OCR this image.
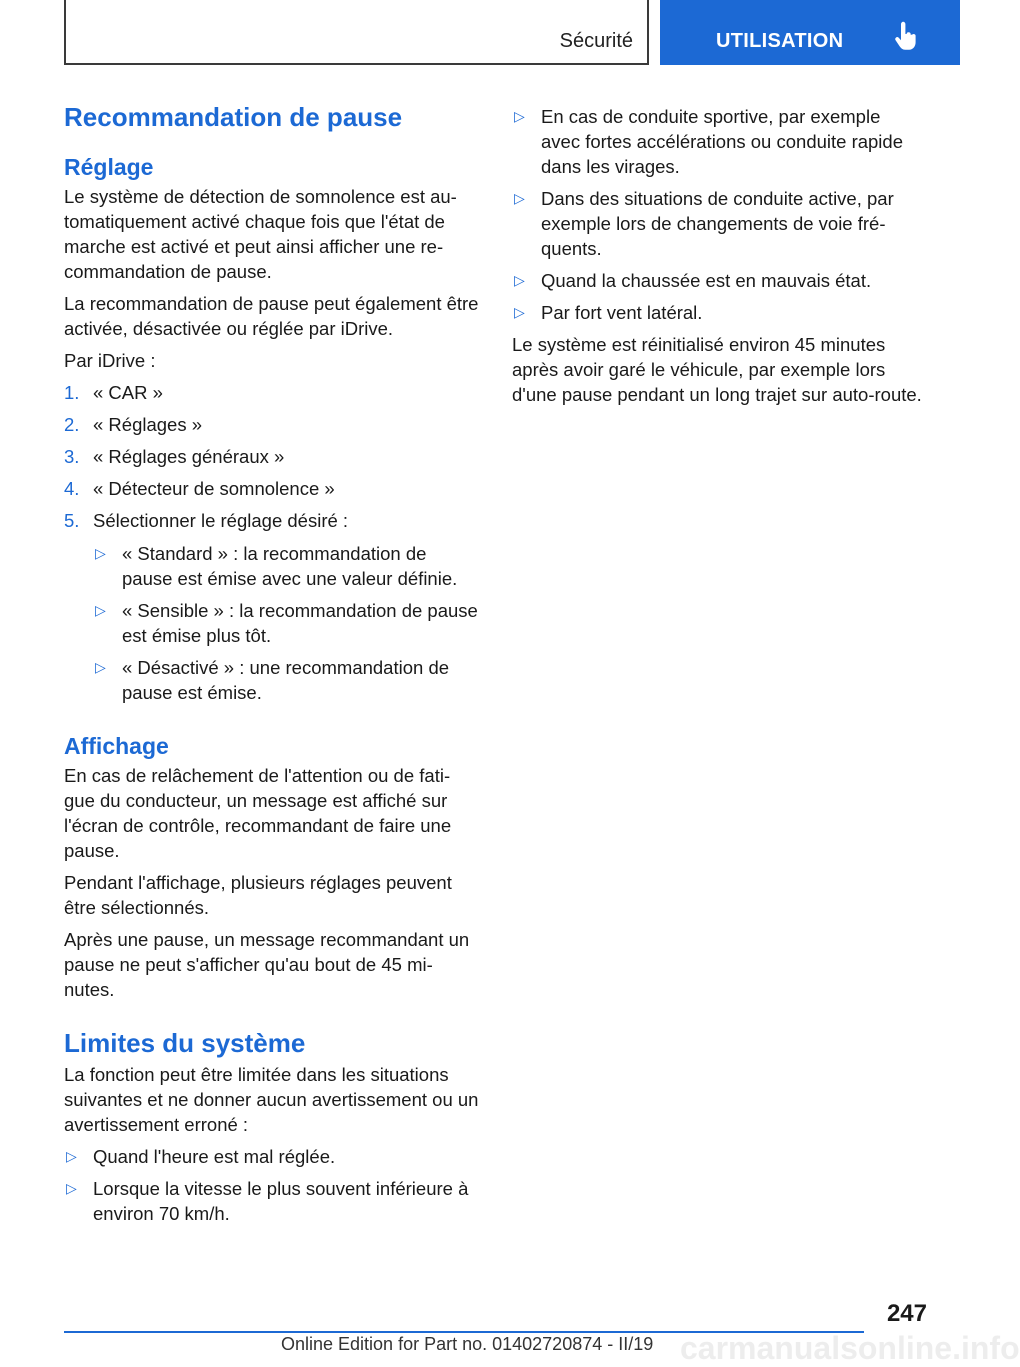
Sécurité	UTILISATION
Recommandation de pause
Réglage

Le système de détection de somnolence est au-tomatiquement activé chaque fois que l'état de marche est activé et peut ainsi afficher une re-commandation de pause.

La recommandation de pause peut également être activée, désactivée ou réglée par iDrive.

Par iDrive :

1. « CAR »
2. « Réglages »
3. « Réglages généraux »
4. « Détecteur de somnolence »
5. Sélectionner le réglage désiré :
▷ « Standard » : la recommandation de pause est émise avec une valeur définie.
▷ « Sensible » : la recommandation de pause est émise plus tôt.
▷ « Désactivé » : une recommandation de pause est émise.
Affichage

En cas de relâchement de l'attention ou de fati-gue du conducteur, un message est affiché sur l'écran de contrôle, recommandant de faire une pause.

Pendant l'affichage, plusieurs réglages peuvent être sélectionnés.

Après une pause, un message recommandant un pause ne peut s'afficher qu'au bout de 45 mi-nutes.

Limites du système

La fonction peut être limitée dans les situations suivantes et ne donner aucun avertissement ou un avertissement erroné :

▷ Quand l'heure est mal réglée.
▷ Lorsque la vitesse le plus souvent inférieure à environ 70 km/h.
▷ En cas de conduite sportive, par exemple avec fortes accélérations ou conduite rapide dans les virages.
▷ Dans des situations de conduite active, par exemple lors de changements de voie fré-quents.
▷ Quand la chaussée est en mauvais état.
▷ Par fort vent latéral.

Le système est réinitialisé environ 45 minutes après avoir garé le véhicule, par exemple lors d'une pause pendant un long trajet sur auto-route.

247
Online Edition for Part no. 01402720874 - II/19 carmanualsonline.info
